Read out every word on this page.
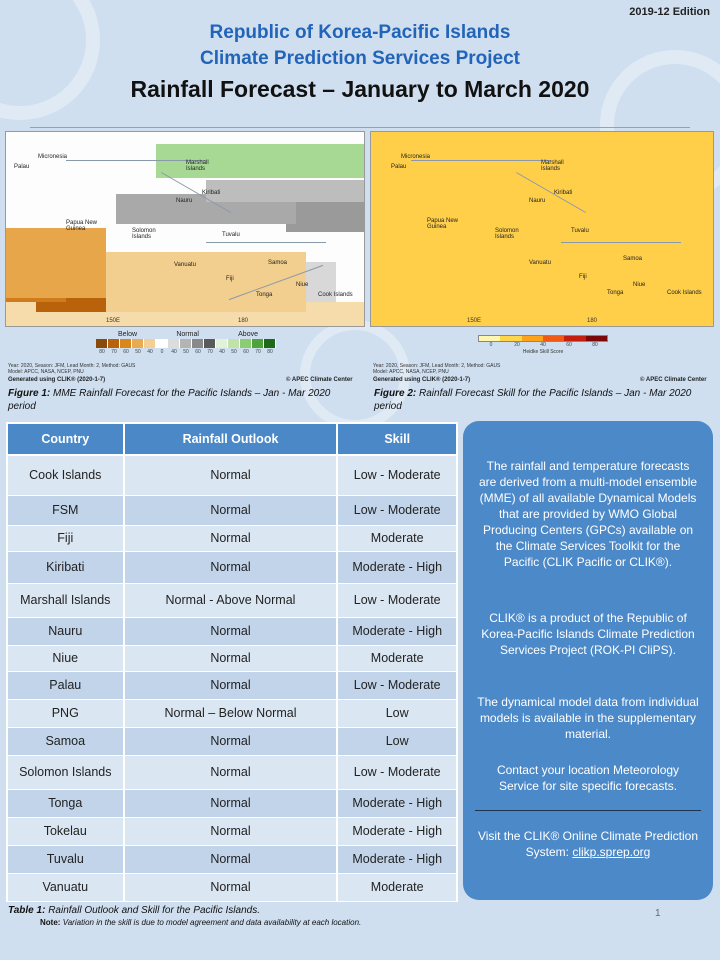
2019-12 Edition
Republic of Korea-Pacific Islands
Climate Prediction Services Project
Rainfall Forecast – January to March 2020
Micronesia
Palau
Marshall Islands
Kiribati
Nauru
Papua New Guinea	Solomon Islands	Tuvalu
Vanuatu	Samoa
Fiji
Niue
Tonga	Cook Islands
150E	180
Micronesia
Palau
Marshall Islands
Kiribati
Nauru
Papua New Guinea
Solomon Islands
Tuvalu
Vanuatu
Samoa
Fiji
Niue
Tonga	Cook Islands
150E	180
Below	Normal	Above
80	70	60	50	40	0	40	50	60	70	40	50	60	70	80
0	20	40	60	80
Heidke Skill Score
Year: 2020, Season: JFM, Lead Month: 2, Method: GAUS
Model: APCC, NASA, NCEP, PNU
Year: 2020, Season: JFM, Lead Month: 2, Method: GAUS
Model: APCC, NASA, NCEP, PNU
Generated using CLIK® (2020-1-7)	© APEC Climate Center	Generated using CLIK® (2020-1-7)	© APEC Climate Center
Figure 1: MME Rainfall Forecast for the Pacific Islands – Jan - Mar 2020 period
Figure 2: Rainfall Forecast Skill for the Pacific Islands – Jan - Mar 2020 period
Country	Rainfall Outlook	Skill
Cook Islands	Normal	Low - Moderate
FSM	Normal	Low - Moderate
Fiji	Normal	Moderate
Kiribati	Normal	Moderate - High
Marshall Islands	Normal - Above Normal	Low - Moderate
Nauru	Normal	Moderate - High
Niue	Normal	Moderate
Palau	Normal	Low - Moderate
PNG	Normal – Below Normal	Low
Samoa	Normal	Low
Solomon Islands	Normal	Low - Moderate
Tonga	Normal	Moderate - High
Tokelau	Normal	Moderate - High
Tuvalu	Normal	Moderate - High
Vanuatu	Normal	Moderate
Table 1: Rainfall Outlook and Skill for the Pacific Islands.
Note: Variation in the skill is due to model agreement and data availability at each location.

The rainfall and temperature forecasts are derived from a multi-model ensemble (MME) of all available Dynamical Models that are provided by WMO Global Producing Centers (GPCs) available on the Climate Services Toolkit for the Pacific (CLIK Pacific or CLIK®).

CLIK® is a product of the Republic of Korea-Pacific Islands Climate Prediction Services Project (ROK-PI CliPS).

The dynamical model data from individual models is available in the supplementary material.

Contact your location Meteorology Service for site specific forecasts.

Visit the CLIK® Online Climate Prediction System: clikp.sprep.org

1
